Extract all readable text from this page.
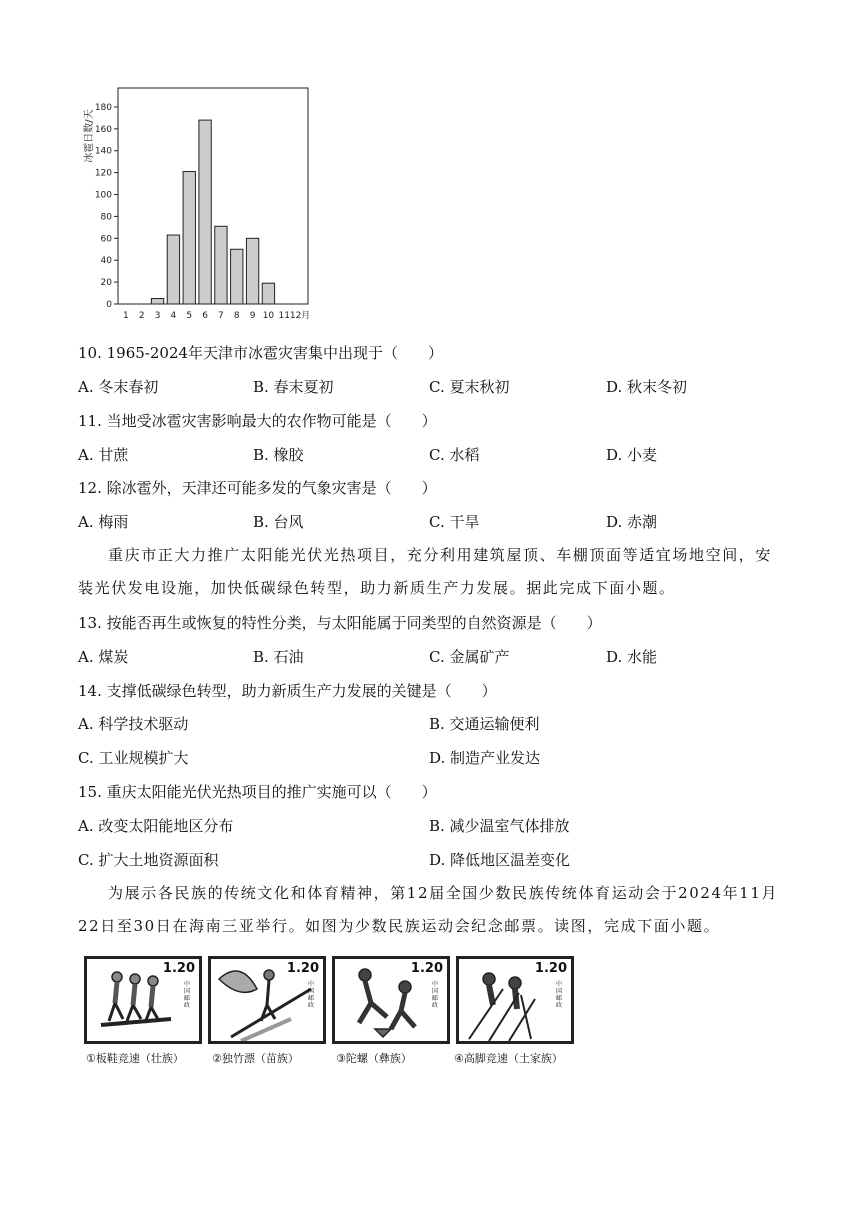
0
20
40
60
80
100
120
140
160
180
1 2 3 4 5 6 7 8 9 10 11 12月
冰雹日数/天
10. 1965-2024年天津市冰雹灾害集中出现于（　　）
A. 冬末春初	B. 春末夏初	C. 夏末秋初	D. 秋末冬初
11. 当地受冰雹灾害影响最大的农作物可能是（　　）
A. 甘蔗	B. 橡胶	C. 水稻	D. 小麦
12. 除冰雹外，天津还可能多发的气象灾害是（　　）
A. 梅雨	B. 台风	C. 干旱	D. 赤潮
重庆市正大力推广太阳能光伏光热项目，充分利用建筑屋顶、车棚顶面等适宜场地空间，安装光伏发电设施，加快低碳绿色转型，助力新质生产力发展。据此完成下面小题。
13. 按能否再生或恢复的特性分类，与太阳能属于同类型的自然资源是（　　）
A. 煤炭	B. 石油	C. 金属矿产	D. 水能
14. 支撑低碳绿色转型，助力新质生产力发展的关键是（　　）
A. 科学技术驱动	B. 交通运输便利
C. 工业规模扩大	D. 制造产业发达
15. 重庆太阳能光伏光热项目的推广实施可以（　　）
A. 改变太阳能地区分布	B. 减少温室气体排放
C. 扩大土地资源面积	D. 降低地区温差变化
为展示各民族的传统文化和体育精神，第12届全国少数民族传统体育运动会于2024年11月22日至30日在海南三亚举行。如图为少数民族运动会纪念邮票。读图，完成下面小题。
1.20
中国邮政
1.20
中国邮政
1.20
中国邮政
1.20
中国邮政
①板鞋竞速（壮族）	②独竹漂（苗族）	③陀螺（彝族）	④高脚竞速（土家族）
